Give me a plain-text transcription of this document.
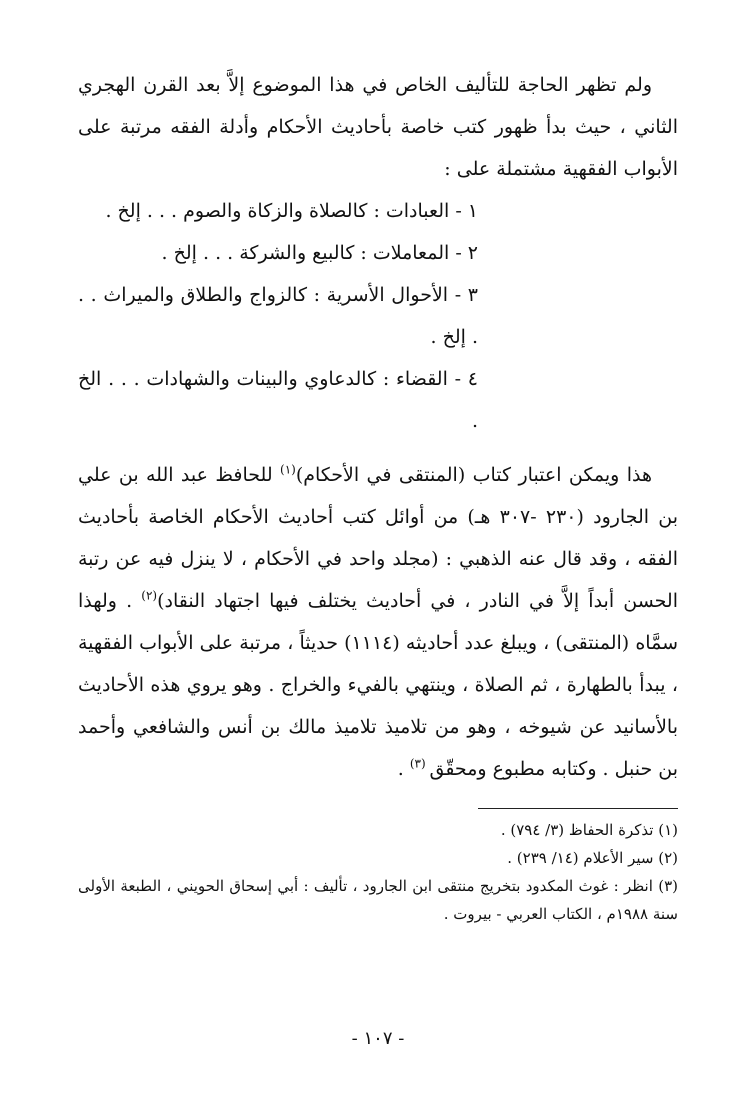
ولم تظهر الحاجة للتأليف الخاص في هذا الموضوع إلاَّ بعد القرن الهجري الثاني ، حيث بدأ ظهور كتب خاصة بأحاديث الأحكام وأدلة الفقه مرتبة على الأبواب الفقهية مشتملة على :

١ - العبادات : كالصلاة والزكاة والصوم . . . إلخ .
٢ - المعاملات : كالبيع والشركة . . . إلخ .
٣ - الأحوال الأسرية : كالزواج والطلاق والميراث . . . إلخ .
٤ - القضاء : كالدعاوي والبينات والشهادات . . . الخ .

هذا ويمكن اعتبار كتاب (المنتقى في الأحكام)$^{(١)}$ للحافظ عبد الله بن علي بن الجارود (٢٣٠ -٣٠٧ هـ) من أوائل كتب أحاديث الأحكام الخاصة بأحاديث الفقه ، وقد قال عنه الذهبي : (مجلد واحد في الأحكام ، لا ينزل فيه عن رتبة الحسن أبداً إلاَّ في النادر ، في أحاديث يختلف فيها اجتهاد النقاد)$^{(٢)}$ . ولهذا سمَّاه (المنتقى) ، ويبلغ عدد أحاديثه (١١١٤) حديثاً ، مرتبة على الأبواب الفقهية ، يبدأ بالطهارة ، ثم الصلاة ، وينتهي بالفيء والخراج . وهو يروي هذه الأحاديث بالأسانيد عن شيوخه ، وهو من تلاميذ تلاميذ مالك بن أنس والشافعي وأحمد بن حنبل . وكتابه مطبوع ومحقّق $^{(٣)}$ .

(١) تذكرة الحفاظ (٣/ ٧٩٤) .

(٢) سير الأعلام (١٤/ ٢٣٩) .

(٣) انظر : غوث المكدود بتخريج منتقى ابن الجارود ، تأليف : أبي إسحاق الحويني ، الطبعة الأولى سنة ١٩٨٨م ، الكتاب العربي - بيروت .

- ١٠٧ -
